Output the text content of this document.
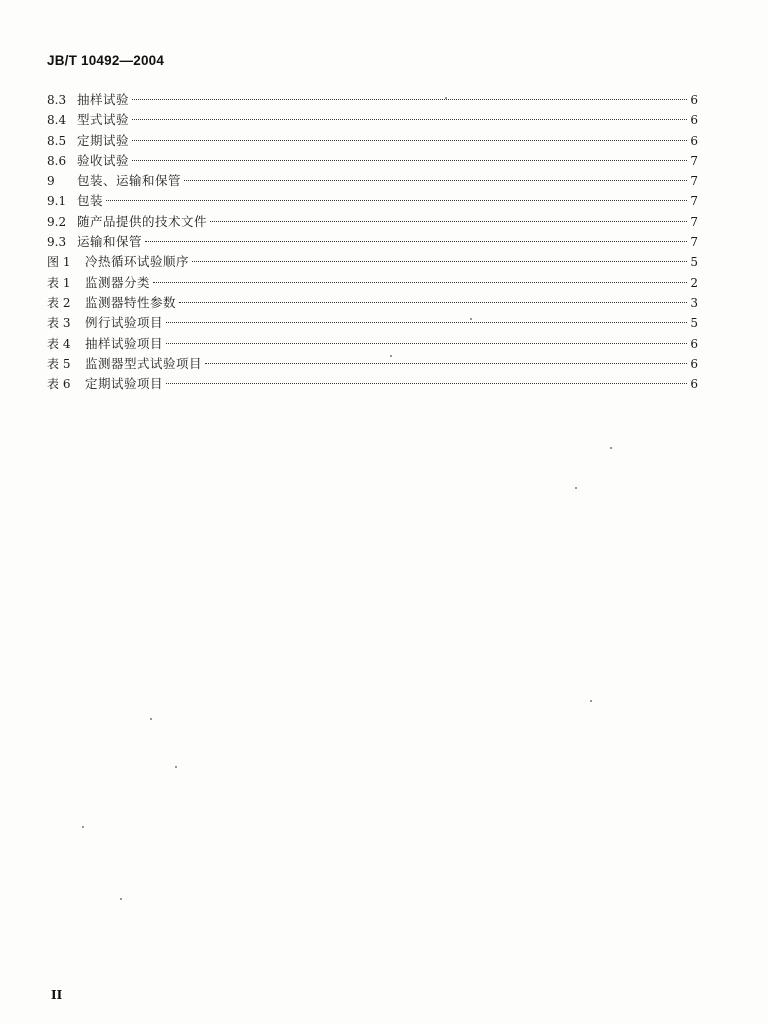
JB/T 10492—2004
8.3 抽样试验	6
8.4 型式试验	6
8.5 定期试验	6
8.6 验收试验	7
9	包装、运输和保管	7
9.1 包装	7
9.2 随产品提供的技术文件	7
9.3 运输和保管	7
图 1	冷热循环试验顺序	5
表 1	监测器分类	2
表 2	监测器特性参数	3
表 3	例行试验项目	5
表 4	抽样试验项目	6
表 5	监测器型式试验项目	6
表 6	定期试验项目	6
II
